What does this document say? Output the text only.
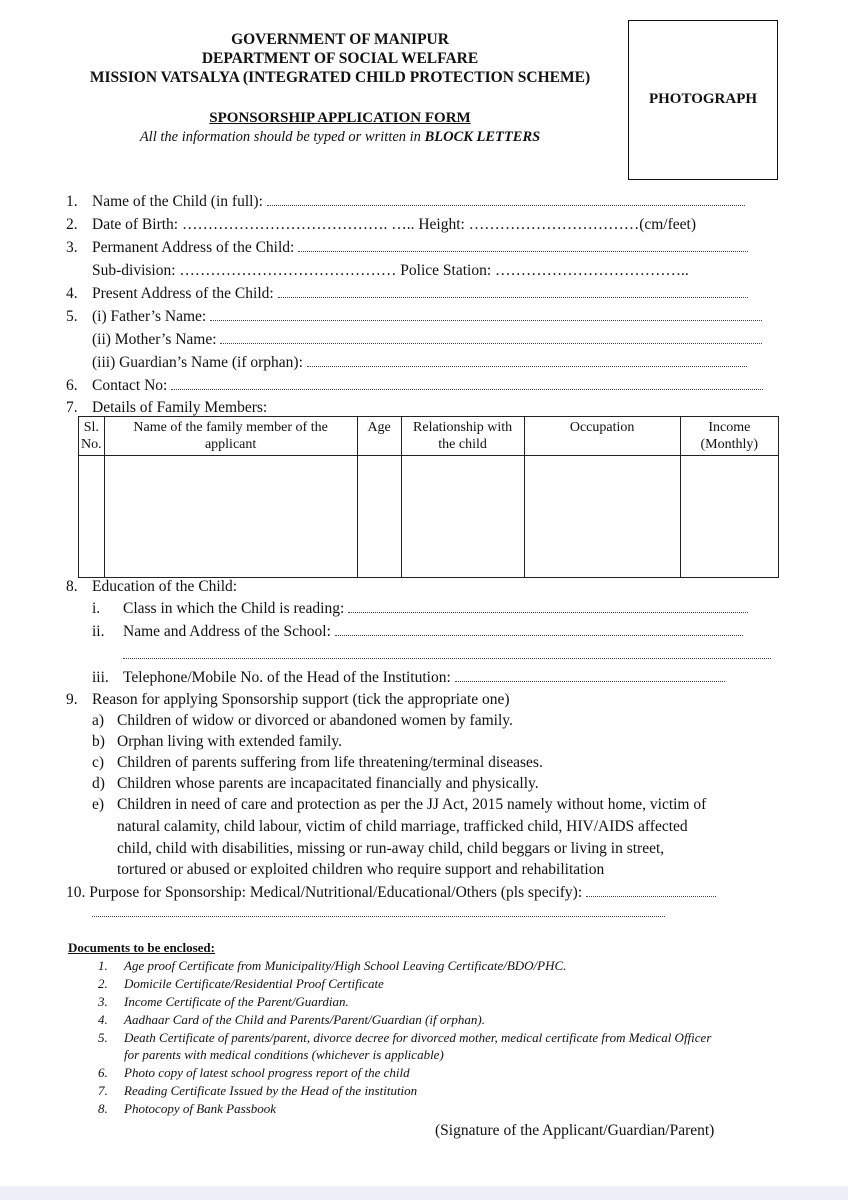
GOVERNMENT OF MANIPUR
DEPARTMENT OF SOCIAL WELFARE
MISSION VATSALYA (INTEGRATED CHILD PROTECTION SCHEME)
SPONSORSHIP APPLICATION FORM
All the information should be typed or written in BLOCK LETTERS
PHOTOGRAPH
1. Name of the Child (in full):
2. Date of Birth: …………………………………. ….. Height: ……………………………(cm/feet)
3. Permanent Address of the Child:
Sub-division: …………………………………… Police Station: ………………………………..
4. Present Address of the Child:
5. (i) Father’s Name:
(ii) Mother’s Name:
(iii) Guardian’s Name (if orphan):
6. Contact No:
7. Details of Family Members:
Sl. No.	Name of the family member of the applicant	Age	Relationship with the child	Occupation	Income (Monthly)

8. Education of the Child:
i. Class in which the Child is reading:
ii. Name and Address of the School:
iii. Telephone/Mobile No. of the Head of the Institution:
9. Reason for applying Sponsorship support (tick the appropriate one)
a) Children of widow or divorced or abandoned women by family.
b) Orphan living with extended family.
c) Children of parents suffering from life threatening/terminal diseases.
d) Children whose parents are incapacitated financially and physically.
e) Children in need of care and protection as per the JJ Act, 2015 namely without home, victim of
natural calamity, child labour, victim of child marriage, trafficked child, HIV/AIDS affected
child, child with disabilities, missing or run-away child, child beggars or living in street,
tortured or abused or exploited children who require support and rehabilitation
10. Purpose for Sponsorship: Medical/Nutritional/Educational/Others (pls specify):
Documents to be enclosed:
1. Age proof Certificate from Municipality/High School Leaving Certificate/BDO/PHC.
2. Domicile Certificate/Residential Proof Certificate
3. Income Certificate of the Parent/Guardian.
4. Aadhaar Card of the Child and Parents/Parent/Guardian (if orphan).
5. Death Certificate of parents/parent, divorce decree for divorced mother, medical certificate from Medical Officer
for parents with medical conditions (whichever is applicable)
6. Photo copy of latest school progress report of the child
7. Reading Certificate Issued by the Head of the institution
8. Photocopy of Bank Passbook
(Signature of the Applicant/Guardian/Parent)
